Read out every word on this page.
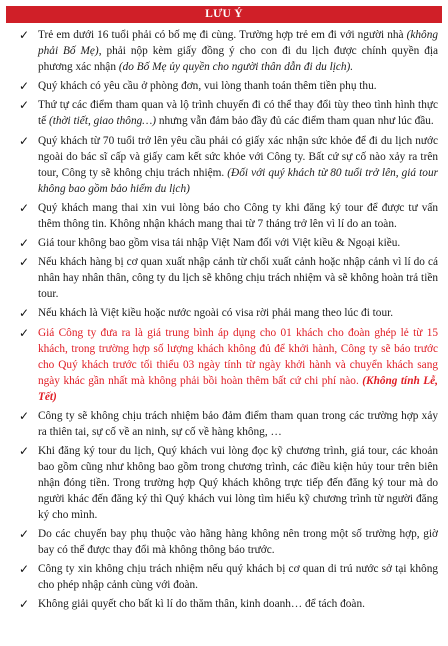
LƯU Ý
✓ Trẻ em dưới 16 tuổi phải có bố mẹ đi cùng. Trường hợp trẻ em đi với người nhà (không phải Bố Mẹ), phải nộp kèm giấy đồng ý cho con đi du lịch được chính quyền địa phương xác nhận (do Bố Mẹ ủy quyền cho người thân dẫn đi du lịch).
✓ Quý khách có yêu cầu ở phòng đơn, vui lòng thanh toán thêm tiền phụ thu.
✓ Thứ tự các điểm tham quan và lộ trình chuyến đi có thể thay đổi tùy theo tình hình thực tế (thời tiết, giao thông…) nhưng vẫn đảm bảo đầy đủ các điểm tham quan như lúc đầu.
✓ Quý khách từ 70 tuổi trở lên yêu cầu phải có giấy xác nhận sức khỏe để đi du lịch nước ngoài do bác sĩ cấp và giấy cam kết sức khỏe với Công ty. Bất cứ sự cố nào xảy ra trên tour, Công ty sẽ không chịu trách nhiệm. (Đối với quý khách từ 80 tuổi trở lên, giá tour không bao gồm bảo hiểm du lịch)
✓ Quý khách mang thai xin vui lòng báo cho Công ty khi đăng ký tour để được tư vấn thêm thông tin. Không nhận khách mang thai từ 7 tháng trở lên vì lí do an toàn.
✓ Giá tour không bao gồm visa tái nhập Việt Nam đối với Việt kiều & Ngoại kiều.
✓ Nếu khách hàng bị cơ quan xuất nhập cảnh từ chối xuất cảnh hoặc nhập cảnh vì lí do cá nhân hay nhân thân, công ty du lịch sẽ không chịu trách nhiệm và sẽ không hoàn trả tiền tour.
✓ Nếu khách là Việt kiều hoặc nước ngoài có visa rời phải mang theo lúc đi tour.
✓ Giá Công ty đưa ra là giá trung bình áp dụng cho 01 khách cho đoàn ghép lẻ từ 15 khách, trong trường hợp số lượng khách không đủ để khởi hành, Công ty sẽ báo trước cho Quý khách trước tối thiểu 03 ngày tính từ ngày khởi hành và chuyển khách sang ngày khác gần nhất mà không phải bồi hoàn thêm bất cứ chi phí nào. (Không tính Lễ, Tết)
✓ Công ty sẽ không chịu trách nhiệm bảo đảm điểm tham quan trong các trường hợp xảy ra thiên tai, sự cố về an ninh, sự cố về hàng không, …
✓ Khi đăng ký tour du lịch, Quý khách vui lòng đọc kỹ chương trình, giá tour, các khoản bao gồm cũng như không bao gồm trong chương trình, các điều kiện hủy tour trên biên nhận đóng tiền. Trong trường hợp Quý khách không trực tiếp đến đăng ký tour mà do người khác đến đăng ký thì Quý khách vui lòng tìm hiểu kỹ chương trình từ người đăng ký cho mình.
✓ Do các chuyến bay phụ thuộc vào hãng hàng không nên trong một số trường hợp, giờ bay có thể được thay đổi mà không thông báo trước.
✓ Công ty xin không chịu trách nhiệm nếu quý khách bị cơ quan di trú nước sở tại không cho phép nhập cảnh cùng với đoàn.
✓ Không giải quyết cho bất kì lí do thăm thân, kinh doanh… để tách đoàn.
